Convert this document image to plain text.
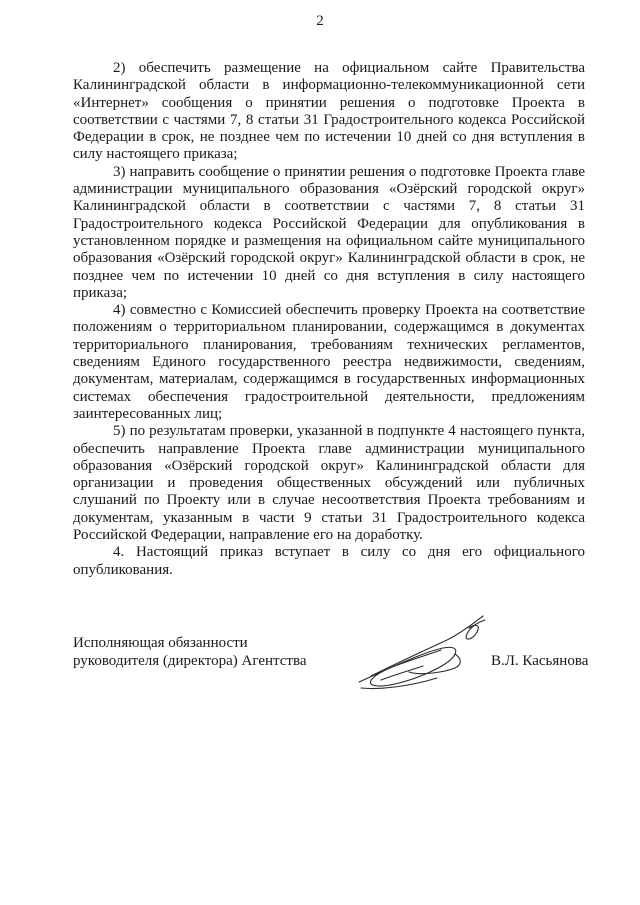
2

2) обеспечить размещение на официальном сайте Правительства Калининградской области в информационно-телекоммуникационной сети «Интернет» сообщения о принятии решения о подготовке Проекта в соответствии с частями 7, 8 статьи 31 Градостроительного кодекса Российской Федерации в срок, не позднее чем по истечении 10 дней со дня вступления в силу настоящего приказа;

3) направить сообщение о принятии решения о подготовке Проекта главе администрации муниципального образования «Озёрский городской округ» Калининградской области в соответствии с частями 7, 8 статьи 31 Градостроительного кодекса Российской Федерации для опубликования в установленном порядке и размещения на официальном сайте муниципального образования «Озёрский городской округ» Калининградской области в срок, не позднее чем по истечении 10 дней со дня вступления в силу настоящего приказа;

4) совместно с Комиссией обеспечить проверку Проекта на соответствие положениям о территориальном планировании, содержащимся в документах территориального планирования, требованиям технических регламентов, сведениям Единого государственного реестра недвижимости, сведениям, документам, материалам, содержащимся в государственных информационных системах обеспечения градостроительной деятельности, предложениям заинтересованных лиц;

5) по результатам проверки, указанной в подпункте 4 настоящего пункта, обеспечить направление Проекта главе администрации муниципального образования «Озёрский городской округ» Калининградской области для организации и проведения общественных обсуждений или публичных слушаний по Проекту или в случае несоответствия Проекта требованиям и документам, указанным в части 9 статьи 31 Градостроительного кодекса Российской Федерации, направление его на доработку.

4. Настоящий приказ вступает в силу со дня его официального опубликования.

Исполняющая обязанности
руководителя (директора) Агентства	В.Л. Касьянова
